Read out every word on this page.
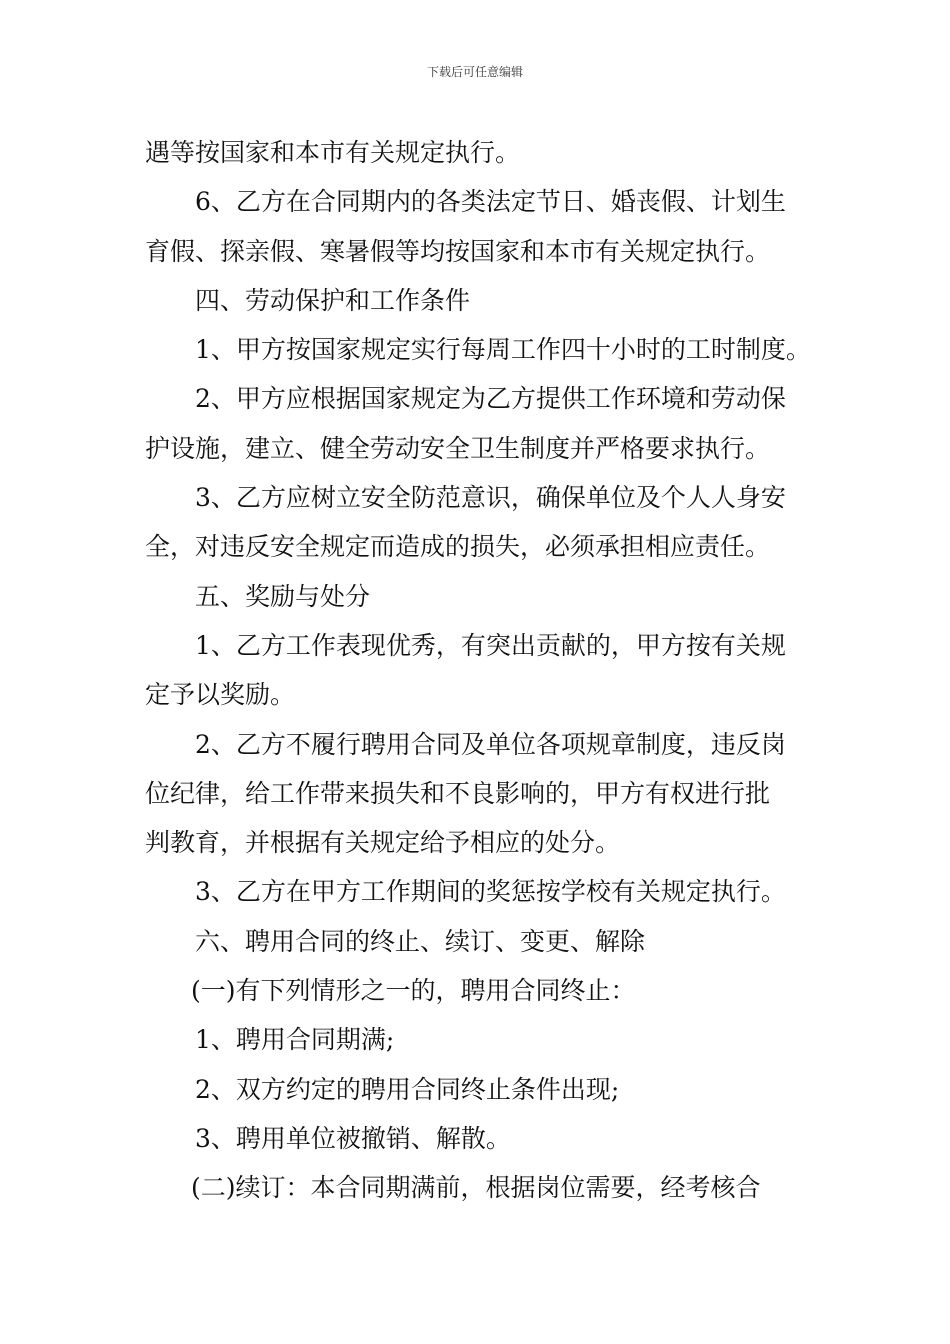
下载后可任意编辑
遇等按国家和本市有关规定执行。
6、乙方在合同期内的各类法定节日、婚丧假、计划生
育假、探亲假、寒暑假等均按国家和本市有关规定执行。
四、劳动保护和工作条件
1、甲方按国家规定实行每周工作四十小时的工时制度。
2、甲方应根据国家规定为乙方提供工作环境和劳动保
护设施，建立、健全劳动安全卫生制度并严格要求执行。
3、乙方应树立安全防范意识，确保单位及个人人身安
全，对违反安全规定而造成的损失，必须承担相应责任。
五、奖励与处分
1、乙方工作表现优秀，有突出贡献的，甲方按有关规
定予以奖励。
2、乙方不履行聘用合同及单位各项规章制度，违反岗
位纪律，给工作带来损失和不良影响的，甲方有权进行批
判教育，并根据有关规定给予相应的处分。
3、乙方在甲方工作期间的奖惩按学校有关规定执行。
六、聘用合同的终止、续订、变更、解除
(一)有下列情形之一的，聘用合同终止：
1、聘用合同期满;
2、双方约定的聘用合同终止条件出现;
3、聘用单位被撤销、解散。
(二)续订：本合同期满前，根据岗位需要，经考核合
